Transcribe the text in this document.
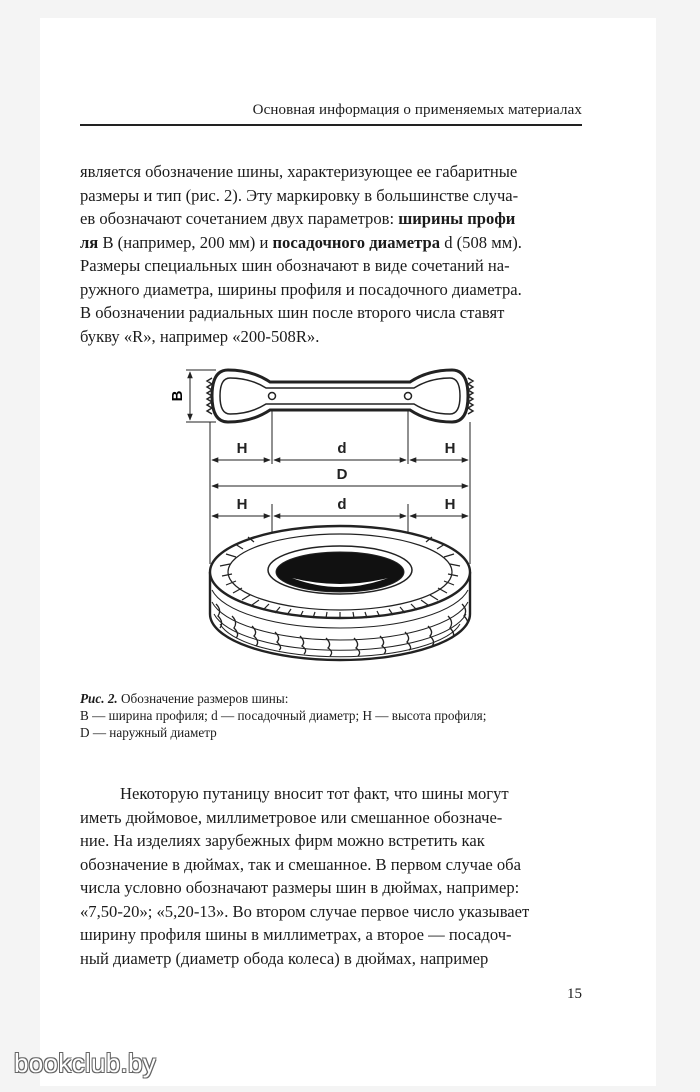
Основная информация о применяемых материалах
является обозначение шины, характеризующее ее габаритные
размеры и тип (рис. 2). Эту маркировку в большинстве случа-
ев обозначают сочетанием двух параметров: ширины профи
ля B (например, 200 мм) и посадочного диаметра d (508 мм).
Размеры специальных шин обозначают в виде сочетаний на-
ружного диаметра, ширины профиля и посадочного диаметра.
В обозначении радиальных шин после второго числа ставят
букву «R», например «200-508R».
B
H	d	H
D
H	d	H
Рис. 2. Обозначение размеров шины:
B — ширина профиля; d — посадочный диаметр; H — высота профиля;
D — наружный диаметр
Некоторую путаницу вносит тот факт, что шины могут
иметь дюймовое, миллиметровое или смешанное обозначе-
ние. На изделиях зарубежных фирм можно встретить как
обозначение в дюймах, так и смешанное. В первом случае оба
числа условно обозначают размеры шин в дюймах, например:
«7,50-20»; «5,20-13». Во втором случае первое число указывает
ширину профиля шины в миллиметрах, а второе — посадоч-
ный диаметр (диаметр обода колеса) в дюймах, например
15
bookclub.by
